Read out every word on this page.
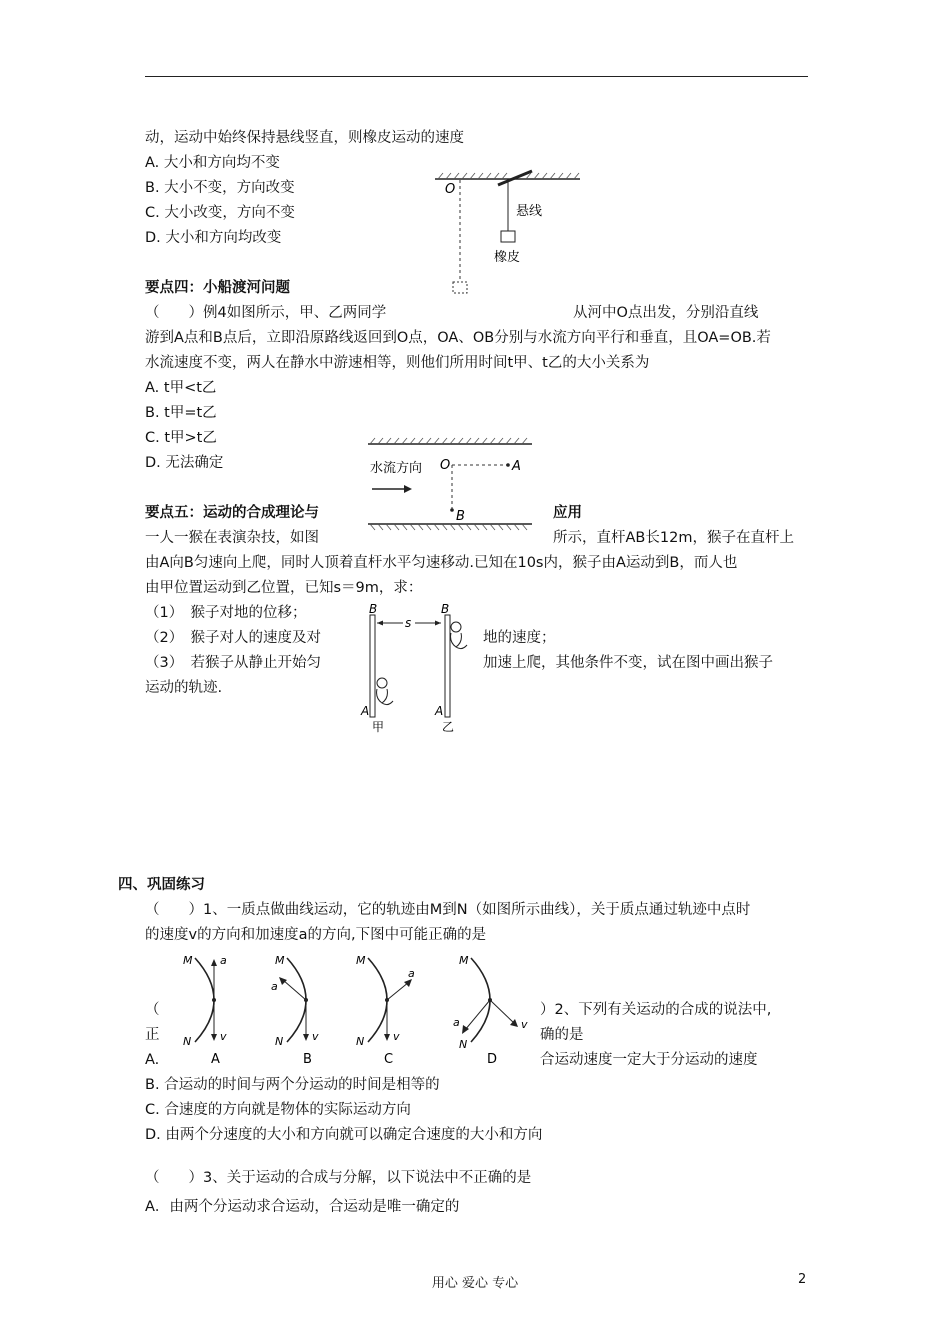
动，运动中始终保持悬线竖直，则橡皮运动的速度
A. 大小和方向均不变
B. 大小不变，方向改变
C. 大小改变，方向不变
D. 大小和方向均改变
O
悬线
橡皮
要点四：小船渡河问题
（　　）例4如图所示，甲、乙两同学	从河中O点出发，分别沿直线
游到A点和B点后，立即沿原路线返回到O点，OA、OB分别与水流方向平行和垂直，且OA=OB.若
水流速度不变，两人在静水中游速相等，则他们所用时间t甲、t乙的大小关系为
A. t甲<t乙
B. t甲=t乙
C. t甲>t乙
D. 无法确定	水流方向 O	A
B
要点五：运动的合成理论与	应用
一人一猴在表演杂技，如图	所示，直杆AB长12m，猴子在直杆上
由A向B匀速向上爬，同时人顶着直杆水平匀速移动.已知在10s内，猴子由A运动到B，而人也
由甲位置运动到乙位置，已知s＝9m，求：
（1）　猴子对地的位移；
（2）　猴子对人的速度及对	地的速度；
（3）　若猴子从静止开始匀	加速上爬，其他条件不变，试在图中画出猴子
运动的轨迹.
B	B
A	A
s
甲	乙
四、巩固练习
（　　）1、一质点做曲线运动，它的轨迹由M到N（如图所示曲线），关于质点通过轨迹中点时
的速度v的方向和加速度a的方向,下图中可能正确的是
M
N
a
v
A
M
N
a
v
B
M
N
a
v
C
M
N
a	v
D
（	）2、下列有关运动的合成的说法中,
正	确的是
A.	合运动速度一定大于分运动的速度
B. 合运动的时间与两个分运动的时间是相等的
C. 合速度的方向就是物体的实际运动方向
D. 由两个分速度的大小和方向就可以确定合速度的大小和方向
（　　）3、关于运动的合成与分解，以下说法中不正确的是
A．由两个分运动求合运动，合运动是唯一确定的
用心 爱心 专心	2
